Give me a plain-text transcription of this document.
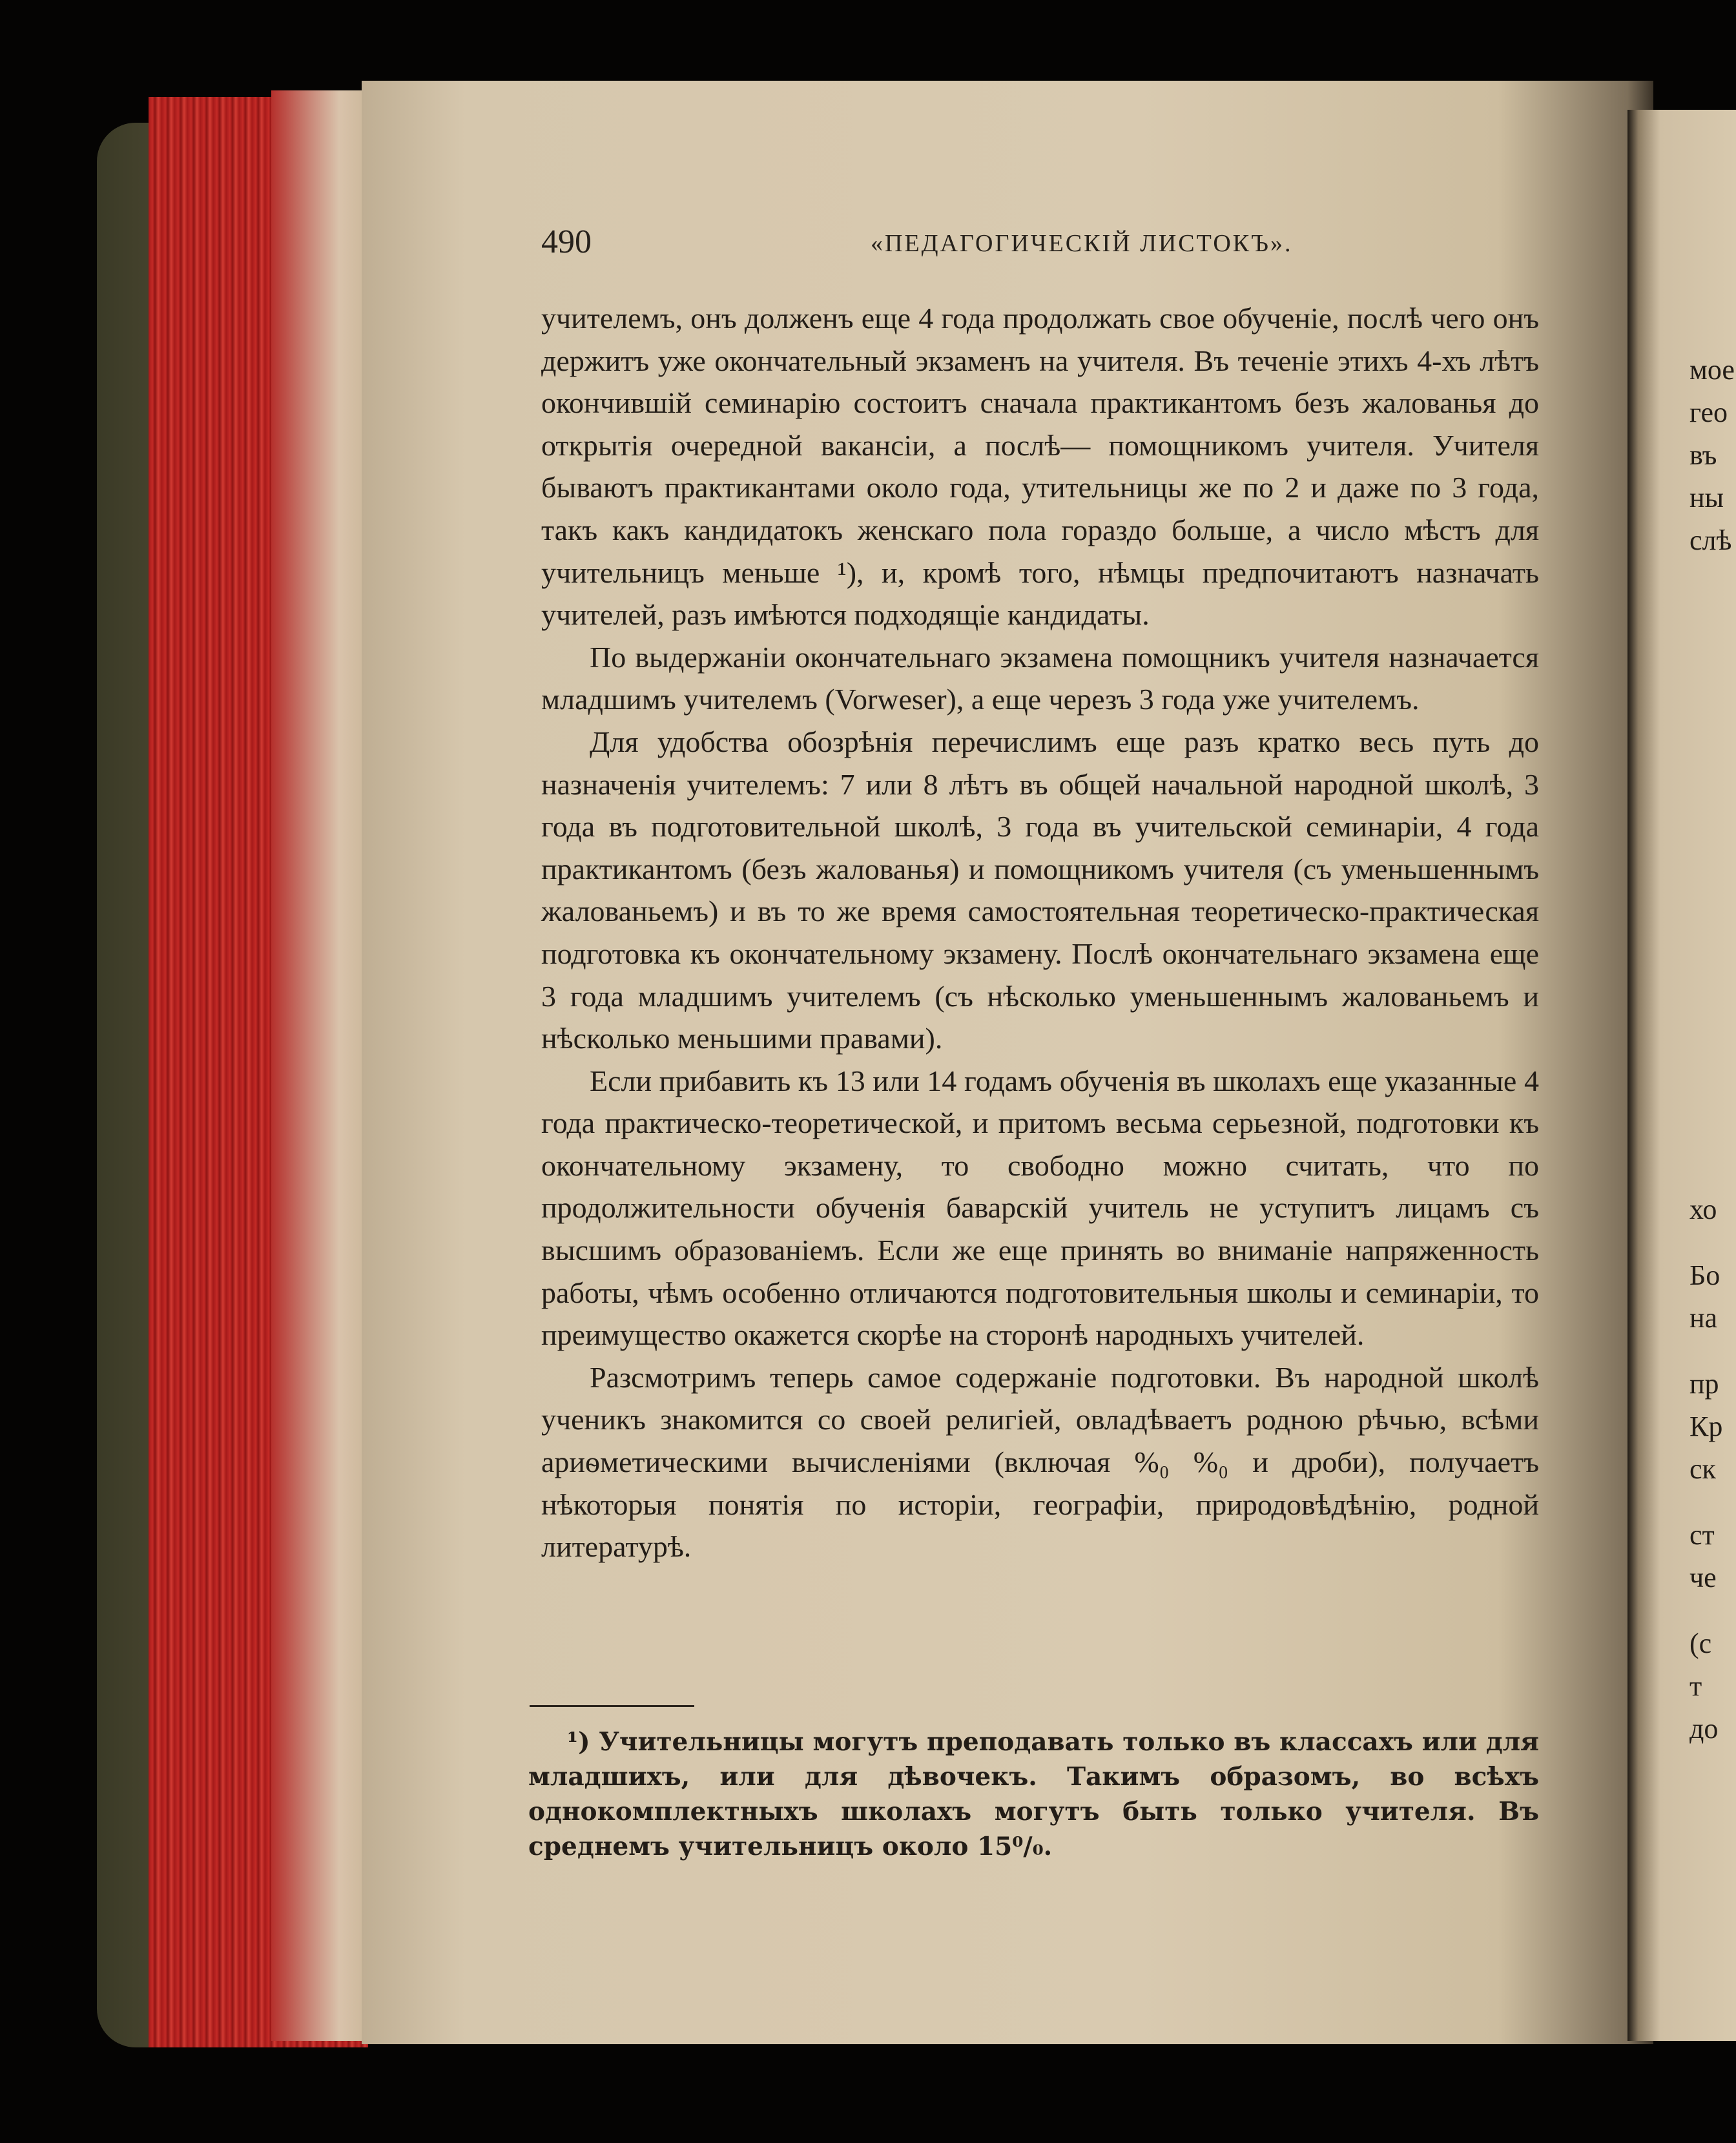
490	«ПЕДАГОГИЧЕСКІЙ ЛИСТОКЪ».

учителемъ, онъ долженъ еще 4 года продолжать свое обученіе, послѣ чего онъ держитъ уже окончательный экзаменъ на учителя. Въ теченіе этихъ 4-хъ лѣтъ окончившій семинарію состоитъ сначала практикантомъ безъ жалованья до открытія очередной вакансіи, а послѣ— помощникомъ учителя. Учителя бываютъ практикантами около года, утительницы же по 2 и даже по 3 года, такъ какъ кандидатокъ женскаго пола гораздо больше, а число мѣстъ для учительницъ меньше ¹), и, кромѣ того, нѣмцы предпочитаютъ назначать учителей, разъ имѣются подходящіе кандидаты.

По выдержаніи окончательнаго экзамена помощникъ учителя назначается младшимъ учителемъ (Vorweser), а еще черезъ 3 года уже учителемъ.

Для удобства обозрѣнія перечислимъ еще разъ кратко весь путь до назначенія учителемъ: 7 или 8 лѣтъ въ общей начальной народной школѣ, 3 года въ подготовительной школѣ, 3 года въ учительской семинаріи, 4 года практикантомъ (безъ жалованья) и помощникомъ учителя (съ уменьшеннымъ жалованьемъ) и въ то же время самостоятельная теоретическо-практическая подготовка къ окончательному экзамену. Послѣ окончательнаго экзамена еще 3 года младшимъ учителемъ (съ нѣсколько уменьшеннымъ жалованьемъ и нѣсколько меньшими правами).

Если прибавить къ 13 или 14 годамъ обученія въ школахъ еще указанные 4 года практическо-теоретической, и притомъ весьма серьезной, подготовки къ окончательному экзамену, то свободно можно считать, что по продолжительности обученія баварскій учитель не уступитъ лицамъ съ высшимъ образованіемъ. Если же еще принять во вниманіе напряженность работы, чѣмъ особенно отличаются подготовительныя школы и семинаріи, то преимущество окажется скорѣе на сторонѣ народныхъ учителей.

Разсмотримъ теперь самое содержаніе подготовки. Въ народной школѣ ученикъ знакомится со своей религіей, овладѣваетъ родною рѣчью, всѣми ариѳметическими вычисленіями (включая %₀ %₀ и дроби), получаетъ нѣкоторыя понятія по исторіи, географіи, природовѣдѣнію, родной литературѣ.

¹) Учительницы могутъ преподавать только въ классахъ или для младшихъ, или для дѣвочекъ. Такимъ образомъ, во всѣхъ однокомплектныхъ школахъ могутъ быть только учителя. Въ среднемъ учительницъ около 15⁰/₀.

мое
гео
въ
ны
слѣ
хо
Бо
на
пр
Кр
ск
ст
че
(с
т
до
